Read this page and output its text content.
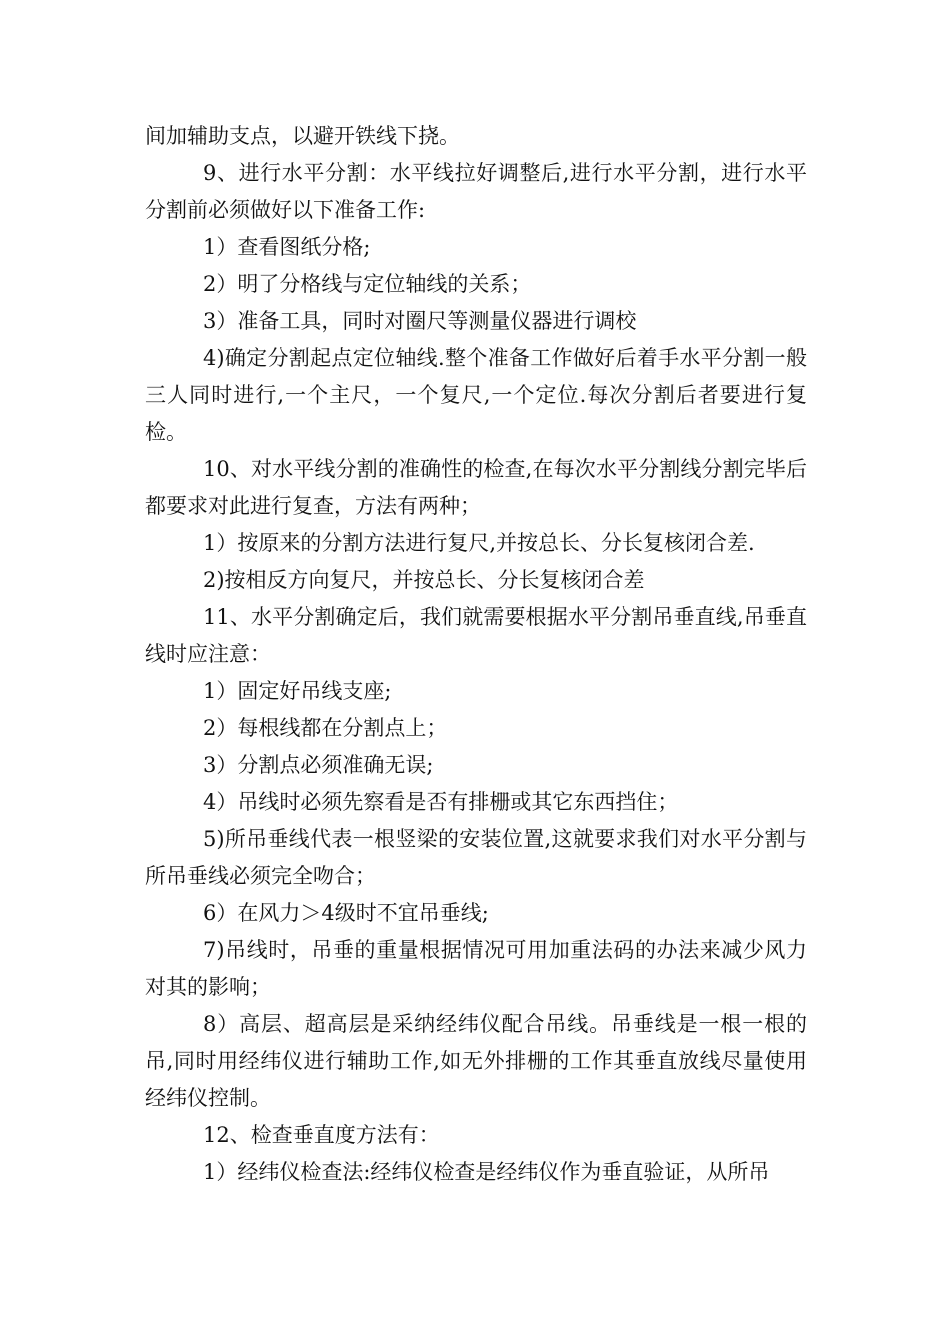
间加辅助支点，以避开铁线下挠。

9、进行水平分割：水平线拉好调整后,进行水平分割，进行水平分割前必须做好以下准备工作:

1）查看图纸分格;

2）明了分格线与定位轴线的关系；

3）准备工具，同时对圈尺等测量仪器进行调校

4)确定分割起点定位轴线.整个准备工作做好后着手水平分割一般三人同时进行,一个主尺，一个复尺,一个定位.每次分割后者要进行复检。

10、对水平线分割的准确性的检查,在每次水平分割线分割完毕后都要求对此进行复查，方法有两种；

1）按原来的分割方法进行复尺,并按总长、分长复核闭合差.

2)按相反方向复尺，并按总长、分长复核闭合差

11、水平分割确定后，我们就需要根据水平分割吊垂直线,吊垂直线时应注意：

1）固定好吊线支座;

2）每根线都在分割点上；

3）分割点必须准确无误;

4）吊线时必须先察看是否有排栅或其它东西挡住；

5)所吊垂线代表一根竖梁的安装位置,这就要求我们对水平分割与所吊垂线必须完全吻合；

6）在风力＞4级时不宜吊垂线;

7)吊线时，吊垂的重量根据情况可用加重法码的办法来减少风力对其的影响；

8）高层、超高层是采纳经纬仪配合吊线。吊垂线是一根一根的吊,同时用经纬仪进行辅助工作,如无外排栅的工作其垂直放线尽量使用经纬仪控制。

12、检查垂直度方法有：

1）经纬仪检查法:经纬仪检查是经纬仪作为垂直验证，从所吊
